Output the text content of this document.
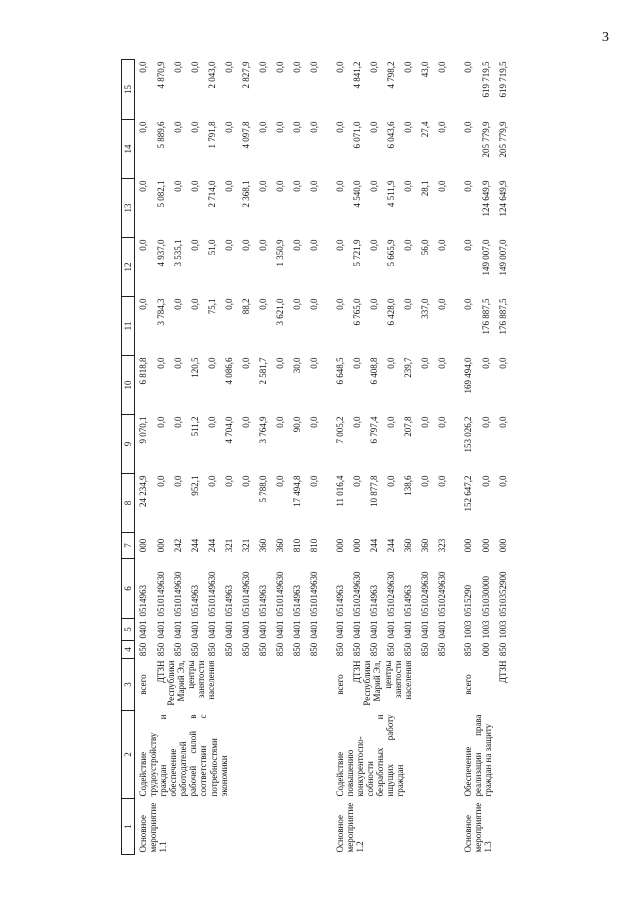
3
1	2	3	4	5	6	7	8	9	10	11	12	13	14	15
Основное мероприятие 1.1	Содействие трудоустройству граждан и обеспечение работодателей рабочей силой в соответствии с потребностями экономики	всего	850	0401	0514963	000	24 234,9	9 070,1	6 818,8	0,0	0,0	0,0	0,0	0,0
		ДТЗН Республики Марий Эл, центры занятости населения	850	0401	0510149630	000	0,0	0,0	0,0	3 784,3	4 937,0	5 082,1	5 889,6	4 870,9
			850	0401	0510149630	242	0,0	0,0	0,0	0,0	3 535,1	0,0	0,0	0,0
			850	0401	0514963	244	952,1	511,2	120,5	0,0	0,0	0,0	0,0	0,0
			850	0401	0510149630	244	0,0	0,0	0,0	75,1	51,0	2 714,0	1 791,8	2 043,0
			850	0401	0514963	321	0,0	4 704,0	4 086,6	0,0	0,0	0,0	0,0	0,0
			850	0401	0510149630	321	0,0	0,0	0,0	88,2	0,0	2 368,1	4 097,8	2 827,9
			850	0401	0514963	360	5 788,0	3 764,9	2 581,7	0,0	0,0	0,0	0,0	0,0
			850	0401	0510149630	360	0,0	0,0	0,0	3 621,0	1 350,9	0,0	0,0	0,0
			850	0401	0514963	810	17 494,8	90,0	30,0	0,0	0,0	0,0	0,0	0,0
			850	0401	0510149630	810	0,0	0,0	0,0	0,0	0,0	0,0	0,0	0,0
Основное мероприятие 1.2	Содействие повышению конкурентоспо-собности безработных и ищущих работу граждан	всего	850	0401	0514963	000	11 016,4	7 005,2	6 648,5	0,0	0,0	0,0	0,0	0,0
		ДТЗН Республики Марий Эл, центры занятости населения	850	0401	0510249630	000	0,0	0,0	0,0	6 765,0	5 721,9	4 540,0	6 071,0	4 841,2
			850	0401	0514963	244	10 877,8	6 797,4	6 408,8	0,0	0,0	0,0	0,0	0,0
			850	0401	0510249630	244	0,0	0,0	0,0	6 428,0	5 665,9	4 511,9	6 043,6	4 798,2
			850	0401	0514963	360	138,6	207,8	239,7	0,0	0,0	0,0	0,0	0,0
			850	0401	0510249630	360	0,0	0,0	0,0	337,0	56,0	28,1	27,4	43,0
			850	0401	0510249630	323	0,0	0,0	0,0	0,0	0,0	0,0	0,0	0,0
Основное мероприятие 1.3	Обеспечение реализации права граждан на защиту	всего	850	1003	0515290	000	152 647,2	153 026,2	169 494,0	0,0	0,0	0,0	0,0	0,0
			000	1003	051030000	000	0,0	0,0	0,0	176 887,5	149 007,0	124 649,9	205 779,9	619 719,5
		ДТЗН	850	1003	0510352900	000	0,0	0,0	0,0	176 887,5	149 007,0	124 649,9	205 779,9	619 719,5
